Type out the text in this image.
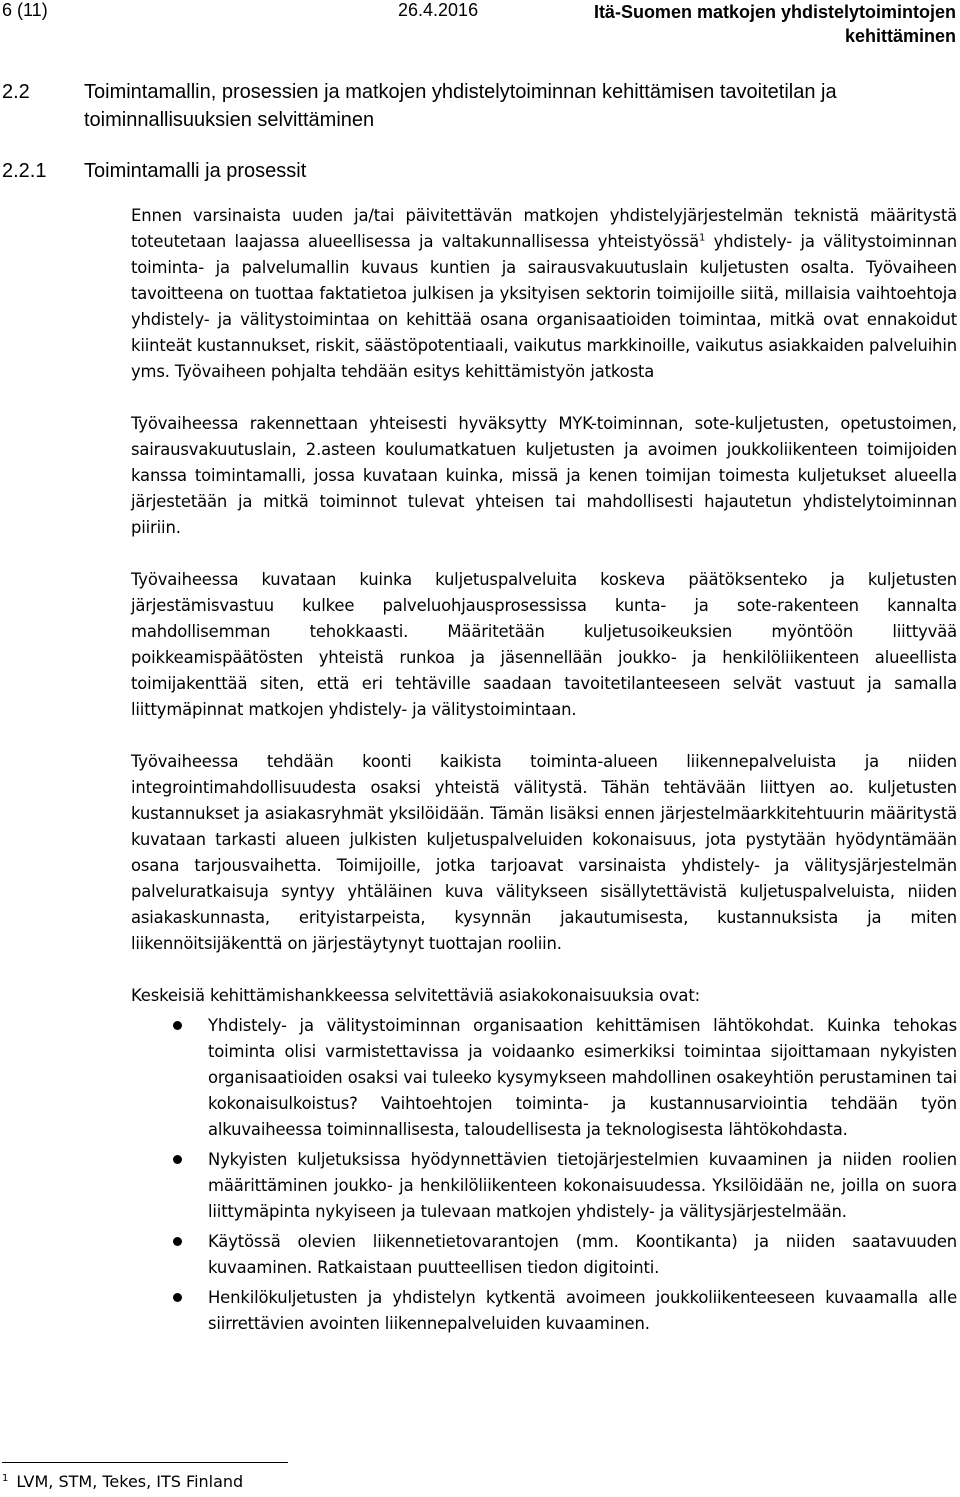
6 (11)	26.4.2016	Itä-Suomen matkojen yhdistelytoimintojen kehittäminen
2.2	Toimintamallin, prosessien ja matkojen yhdistelytoiminnan kehittämisen tavoitetilan ja toiminnallisuuksien selvittäminen
2.2.1	Toimintamalli ja prosessit

Ennen varsinaista uuden ja/tai päivitettävän matkojen yhdistelyjärjestelmän teknistä määritystä toteutetaan laajassa alueellisessa ja valtakunnallisessa yhteistyössä$^1$ yhdistely- ja välitystoiminnan toiminta- ja palvelumallin kuvaus kuntien ja sairausvakuutuslain kuljetusten osalta. Työvaiheen tavoitteena on tuottaa faktatietoa julkisen ja yksityisen sektorin toimijoille siitä, millaisia vaihtoehtoja yhdistely- ja välitystoimintaa on kehittää osana organisaatioiden toimintaa, mitkä ovat ennakoidut kiinteät kustannukset, riskit, säästöpotentiaali, vaikutus markkinoille, vaikutus asiakkaiden palveluihin yms. Työvaiheen pohjalta tehdään esitys kehittämistyön jatkosta

Työvaiheessa rakennettaan yhteisesti hyväksytty MYK-toiminnan, sote-kuljetusten, opetustoimen, sairausvakuutuslain, 2.asteen koulumatkatuen kuljetusten ja avoimen joukkoliikenteen toimijoiden kanssa toimintamalli, jossa kuvataan kuinka, missä ja kenen toimijan toimesta kuljetukset alueella järjestetään ja mitkä toiminnot tulevat yhteisen tai mahdollisesti hajautetun yhdistelytoiminnan piiriin.

Työvaiheessa kuvataan kuinka kuljetuspalveluita koskeva päätöksenteko ja kuljetusten järjestämisvastuu kulkee palveluohjausprosessissa kunta- ja sote-rakenteen kannalta mahdollisemman tehokkaasti. Määritetään kuljetusoikeuksien myöntöön liittyvää poikkeamispäätösten yhteistä runkoa ja jäsennellään joukko- ja henkilöliikenteen alueellista toimijakenttää siten, että eri tehtäville saadaan tavoitetilanteeseen selvät vastuut ja samalla liittymäpinnat matkojen yhdistely- ja välitystoimintaan.

Työvaiheessa tehdään koonti kaikista toiminta-alueen liikennepalveluista ja niiden integrointimahdollisuudesta osaksi yhteistä välitystä. Tähän tehtävään liittyen ao. kuljetusten kustannukset ja asiakasryhmät yksilöidään. Tämän lisäksi ennen järjestelmäarkkitehtuurin määritystä kuvataan tarkasti alueen julkisten kuljetuspalveluiden kokonaisuus, jota pystytään hyödyntämään osana tarjousvaihetta. Toimijoille, jotka tarjoavat varsinaista yhdistely- ja välitysjärjestelmän palveluratkaisuja syntyy yhtäläinen kuva välitykseen sisällytettävistä kuljetuspalveluista, niiden asiakaskunnasta, erityistarpeista, kysynnän jakautumisesta, kustannuksista ja miten liikennöitsijäkenttä on järjestäytynyt tuottajan rooliin.

Keskeisiä kehittämishankkeessa selvitettäviä asiakokonaisuuksia ovat:

Yhdistely- ja välitystoiminnan organisaation kehittämisen lähtökohdat. Kuinka tehokas toiminta olisi varmistettavissa ja voidaanko esimerkiksi toimintaa sijoittamaan nykyisten organisaatioiden osaksi vai tuleeko kysymykseen mahdollinen osakeyhtiön perustaminen tai kokonaisulkoistus? Vaihtoehtojen toiminta- ja kustannusarviointia tehdään työn alkuvaiheessa toiminnallisesta, taloudellisesta ja teknologisesta lähtökohdasta.
Nykyisten kuljetuksissa hyödynnettävien tietojärjestelmien kuvaaminen ja niiden roolien määrittäminen joukko- ja henkilöliikenteen kokonaisuudessa. Yksilöidään ne, joilla on suora liittymäpinta nykyiseen ja tulevaan matkojen yhdistely- ja välitysjärjestelmään.
Käytössä olevien liikennetietovarantojen (mm. Koontikanta) ja niiden saatavuuden kuvaaminen. Ratkaistaan puutteellisen tiedon digitointi.
Henkilökuljetusten ja yhdistelyn kytkentä avoimeen joukkoliikenteeseen kuvaamalla alle siirrettävien avointen liikennepalveluiden kuvaaminen.
$^1$ LVM, STM, Tekes, ITS Finland
